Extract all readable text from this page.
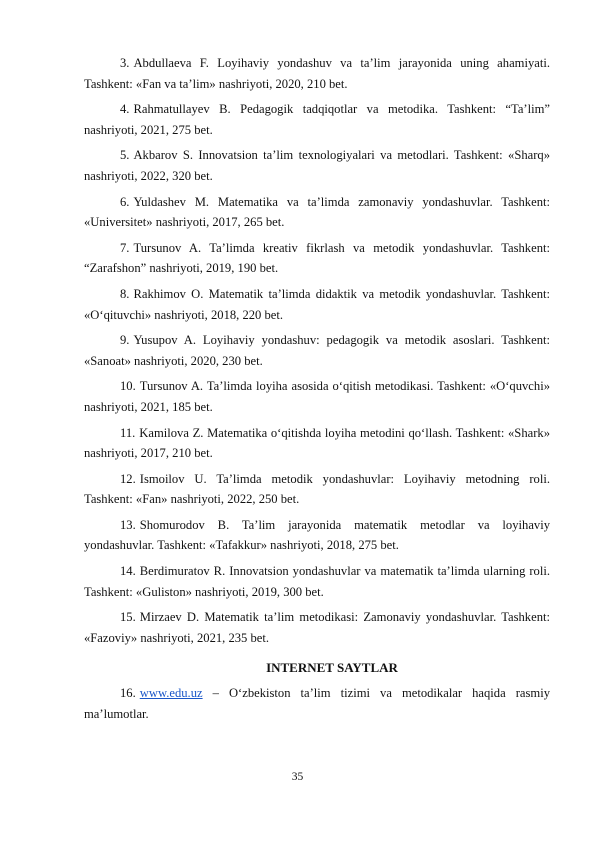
3. Abdullaeva F. Loyihaviy yondashuv va ta’lim jarayonida uning ahamiyati. Tashkent: «Fan va ta’lim» nashriyoti, 2020, 210 bet.

4. Rahmatullayev B. Pedagogik tadqiqotlar va metodika. Tashkent: “Ta’lim” nashriyoti, 2021, 275 bet.

5. Akbarov S. Innovatsion ta’lim texnologiyalari va metodlari. Tashkent: «Sharq» nashriyoti, 2022, 320 bet.

6. Yuldashev M. Matematika va ta’limda zamonaviy yondashuvlar. Tashkent: «Universitet» nashriyoti, 2017, 265 bet.

7. Tursunov A. Ta’limda kreativ fikrlash va metodik yondashuvlar. Tashkent: “Zarafshon” nashriyoti, 2019, 190 bet.

8. Rakhimov O. Matematik ta’limda didaktik va metodik yondashuvlar. Tashkent: «O‘qituvchi» nashriyoti, 2018, 220 bet.

9. Yusupov A. Loyihaviy yondashuv: pedagogik va metodik asoslari. Tashkent: «Sanoat» nashriyoti, 2020, 230 bet.

10. Tursunov A. Ta’limda loyiha asosida o‘qitish metodikasi. Tashkent: «O‘quvchi» nashriyoti, 2021, 185 bet.

11. Kamilova Z. Matematika o‘qitishda loyiha metodini qo‘llash. Tashkent: «Shark» nashriyoti, 2017, 210 bet.

12. Ismoilov U. Ta’limda metodik yondashuvlar: Loyihaviy metodning roli. Tashkent: «Fan» nashriyoti, 2022, 250 bet.

13. Shomurodov B. Ta’lim jarayonida matematik metodlar va loyihaviy yondashuvlar. Tashkent: «Tafakkur» nashriyoti, 2018, 275 bet.

14. Berdimuratov R. Innovatsion yondashuvlar va matematik ta’limda ularning roli. Tashkent: «Guliston» nashriyoti, 2019, 300 bet.

15. Mirzaev D. Matematik ta’lim metodikasi: Zamonaviy yondashuvlar. Tashkent: «Fazoviy» nashriyoti, 2021, 235 bet.

INTERNET SAYTLAR

16. www.edu.uz – O‘zbekiston ta’lim tizimi va metodikalar haqida rasmiy ma’lumotlar.

35
